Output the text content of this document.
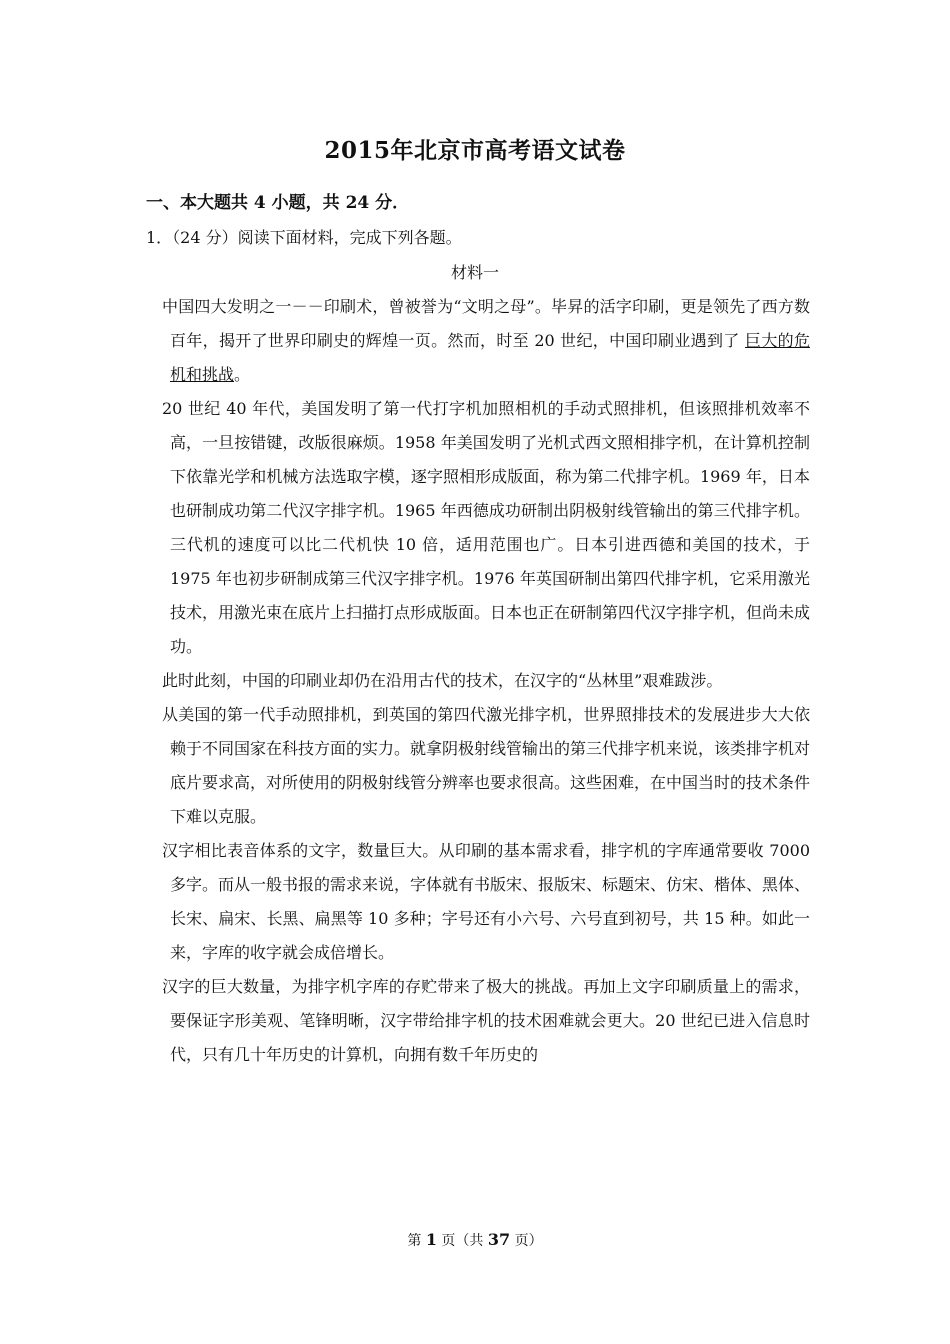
2015年北京市高考语文试卷
一、本大题共 4 小题，共 24 分．
1．（24 分）阅读下面材料，完成下列各题。
材料一

中国四大发明之一－－印刷术，曾被誉为“文明之母”。毕昇的活字印刷，更是领先了西方数百年，揭开了世界印刷史的辉煌一页。然而，时至 20 世纪，中国印刷业遇到了 巨大的危机和挑战。

20 世纪 40 年代，美国发明了第一代打字机加照相机的手动式照排机，但该照排机效率不高，一旦按错键，改版很麻烦。1958 年美国发明了光机式西文照相排字机，在计算机控制下依靠光学和机械方法选取字模，逐字照相形成版面，称为第二代排字机。1969 年，日本也研制成功第二代汉字排字机。1965 年西德成功研制出阴极射线管输出的第三代排字机。三代机的速度可以比二代机快 10 倍，适用范围也广。日本引进西德和美国的技术，于 1975 年也初步研制成第三代汉字排字机。1976 年英国研制出第四代排字机，它采用激光技术，用激光束在底片上扫描打点形成版面。日本也正在研制第四代汉字排字机，但尚未成功。

此时此刻，中国的印刷业却仍在沿用古代的技术，在汉字的“丛林里”艰难跋涉。

从美国的第一代手动照排机，到英国的第四代激光排字机，世界照排技术的发展进步大大依赖于不同国家在科技方面的实力。就拿阴极射线管输出的第三代排字机来说，该类排字机对底片要求高，对所使用的阴极射线管分辨率也要求很高。这些困难，在中国当时的技术条件下难以克服。

汉字相比表音体系的文字，数量巨大。从印刷的基本需求看，排字机的字库通常要收 7000 多字。而从一般书报的需求来说，字体就有书版宋、报版宋、标题宋、仿宋、楷体、黑体、长宋、扁宋、长黑、扁黑等 10 多种；字号还有小六号、六号直到初号，共 15 种。如此一来，字库的收字就会成倍增长。

汉字的巨大数量，为排字机字库的存贮带来了极大的挑战。再加上文字印刷质量上的需求，要保证字形美观、笔锋明晰，汉字带给排字机的技术困难就会更大。20 世纪已进入信息时代，只有几十年历史的计算机，向拥有数千年历史的

第 1 页（共 37 页）
